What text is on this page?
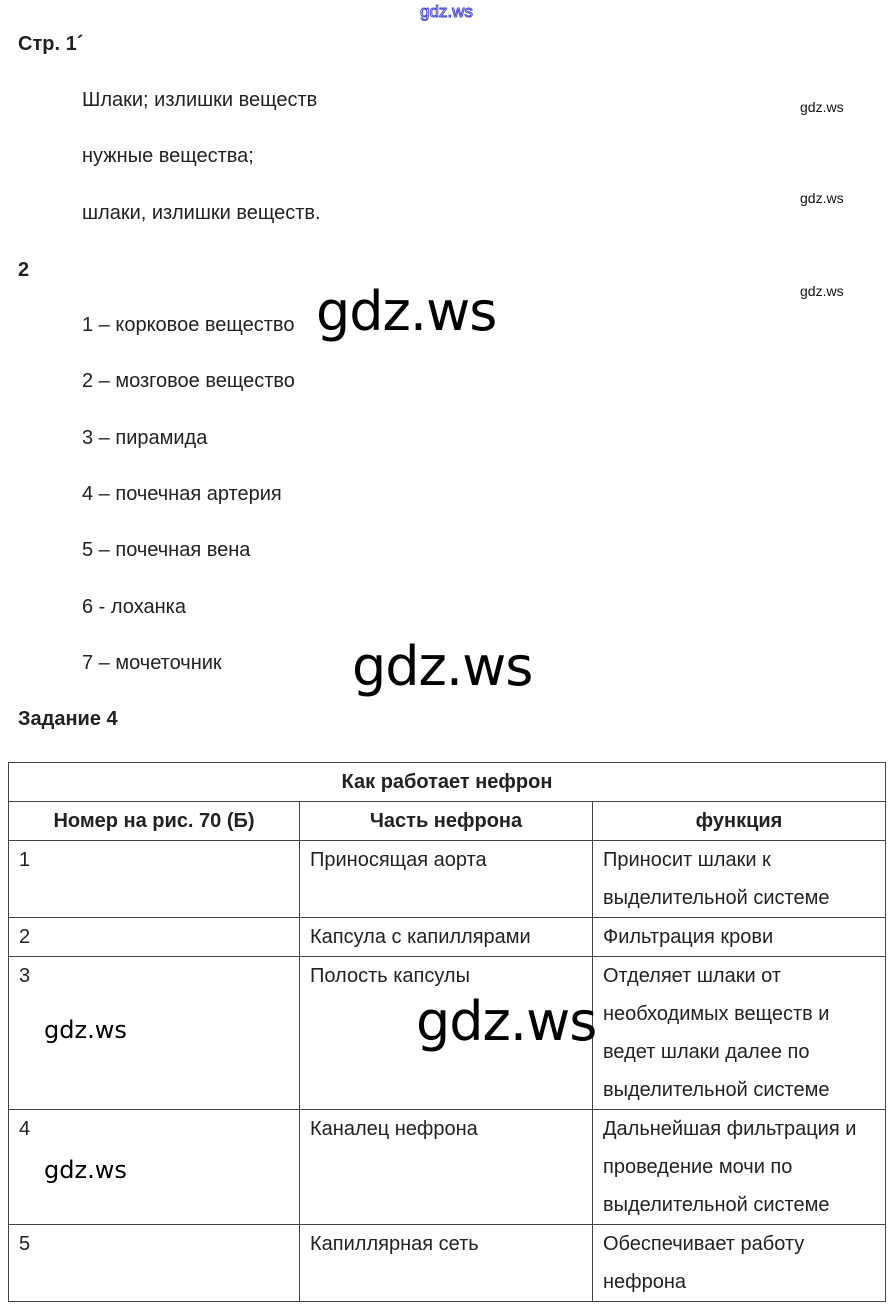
gdz.ws
Стр. 1´
Шлаки; излишки веществ
нужные вещества;
шлаки, излишки веществ.
gdz.ws
gdz.ws
gdz.ws
2
1 – корковое вещество
2 – мозговое вещество
3 – пирамида
4 – почечная артерия
5 – почечная вена
6 - лоханка
7 – мочеточник
Задание 4
Как работает нефрон		
Номер на рис. 70 (Б)	Часть нефрона	функция
1	Приносящая аорта	Приносит шлаки к выделительной системе
2	Капсула с капиллярами	Фильтрация крови
3	Полость капсулы	Отделяет шлаки от необходимых веществ и ведет шлаки далее по выделительной системе
4	Каналец нефрона	Дальнейшая фильтрация и проведение мочи по выделительной системе
5	Капиллярная сеть	Обеспечивает работу нефрона
gdz.ws
gdz.ws
gdz.ws
gdz.ws
gdz.ws
